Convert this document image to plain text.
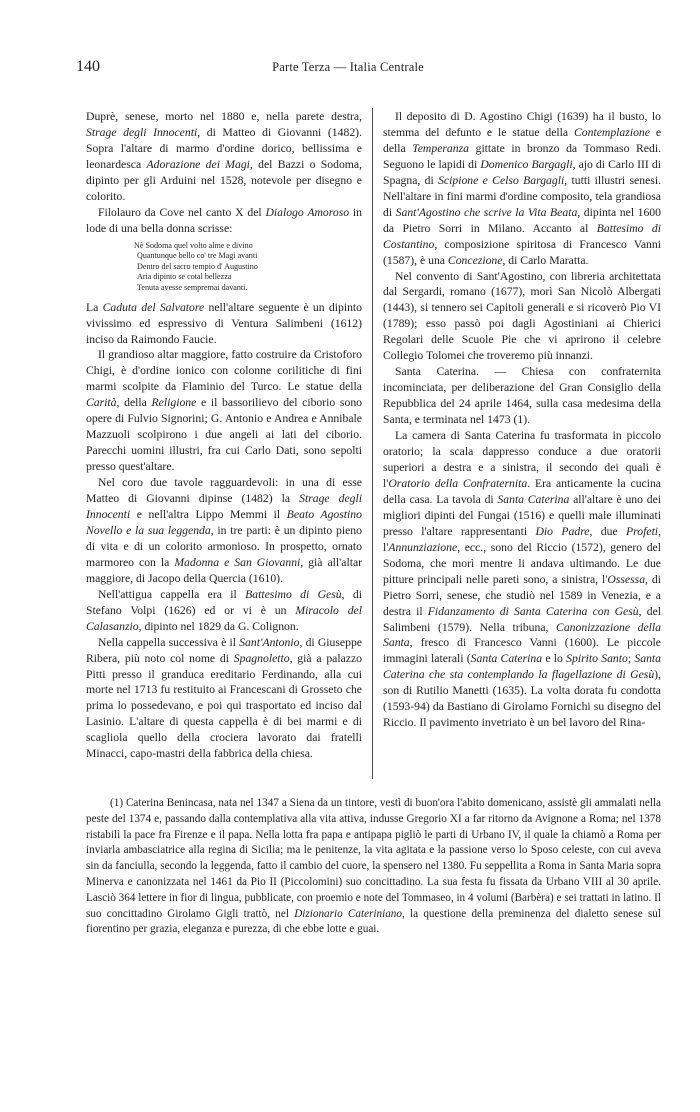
140	Parte Terza — Italia Centrale

Duprè, senese, morto nel 1880 e, nella parete destra, Strage degli Innocenti, di Matteo di Giovanni (1482). Sopra l'altare di marmo d'ordine dorico, bellissima e leonardesca Adorazione dei Magi, del Bazzi o Sodoma, dipinto per gli Arduini nel 1528, notevole per disegno e colorito.

Filolauro da Cove nel canto X del Dialogo Amoroso in lode di una bella donna scrisse:

Nè Sodoma quel volto alme e divino
Quantunque bello co' tre Magi avanti
Dentro del sacro tempio d' Augustino
Aria dipinto se cotal bellezza
Tenuta avesse sempremai davanti.

La Caduta del Salvatore nell'altare seguente è un dipinto vivissimo ed espressivo di Ventura Salimbeni (1612) inciso da Raimondo Faucie.

Il grandioso altar maggiore, fatto costruire da Cristoforo Chigi, è d'ordine ionico con colonne corilitiche di fini marmi scolpite da Flaminio del Turco. Le statue della Carità, della Religione e il bassorilievo del ciborio sono opere di Fulvio Signorini; G. Antonio e Andrea e Annibale Mazzuoli scolpirono i due angeli ai lati del ciborio. Parecchi uomini illustri, fra cui Carlo Dati, sono sepolti presso quest'altare.

Nel coro due tavole ragguardevoli: in una di esse Matteo di Giovanni dipinse (1482) la Strage degli Innocenti e nell'altra Lippo Memmi il Beato Agostino Novello e la sua leggenda, in tre parti: è un dipinto pieno di vita e di un colorito armonioso. In prospetto, ornato marmoreo con la Madonna e San Giovanni, già all'altar maggiore, di Jacopo della Quercia (1610).

Nell'attigua cappella era il Battesimo di Gesù, di Stefano Volpi (1626) ed or vi è un Miracolo del Calasanzio, dipinto nel 1829 da G. Colignon.

Nella cappella successiva è il Sant'Antonio, di Giuseppe Ribera, più noto col nome di Spagnoletto, già a palazzo Pitti presso il granduca ereditario Ferdinando, alla cui morte nel 1713 fu restituito ai Francescani di Grosseto che prima lo possedevano, e poi qui trasportato ed inciso dal Lasinio. L'altare di questa cappella è di bei marmi e di scagliola quello della crociera lavorato dai fratelli Minacci, capo-mastri della fabbrica della chiesa.

Il deposito di D. Agostino Chigi (1639) ha il busto, lo stemma del defunto e le statue della Contemplazione e della Temperanza gittate in bronzo da Tommaso Redi. Seguono le lapidi di Domenico Bargagli, ajo di Carlo III di Spagna, di Scipione e Celso Bargagli, tutti illustri senesi. Nell'altare in fini marmi d'ordine composito, tela grandiosa di Sant'Agostino che scrive la Vita Beata, dipinta nel 1600 da Pietro Sorri in Milano. Accanto al Battesimo di Costantino, composizione spiritosa di Francesco Vanni (1587), è una Concezione, di Carlo Maratta.

Nel convento di Sant'Agostino, con libreria architettata dal Sergardi, romano (1677), morì San Nicolò Albergati (1443), si tennero sei Capitoli generali e si ricoverò Pio VI (1789); esso passò poi dagli Agostiniani ai Chierici Regolari delle Scuole Pie che vi aprirono il celebre Collegio Tolomei che troveremo più innanzi.

Santa Caterina. — Chiesa con confraternita incominciata, per deliberazione del Gran Consiglio della Repubblica del 24 aprile 1464, sulla casa medesima della Santa, e terminata nel 1473 (1).

La camera di Santa Caterina fu trasformata in piccolo oratorio; la scala dappresso conduce a due oratorii superiori a destra e a sinistra, il secondo dei quali è l'Oratorio della Confraternita. Era anticamente la cucina della casa. La tavola di Santa Caterina all'altare è uno dei migliori dipinti del Fungai (1516) e quelli male illuminati presso l'altare rappresentanti Dio Padre, due Profeti, l'Annunziazione, ecc., sono del Riccio (1572), genero del Sodoma, che morì mentre li andava ultimando. Le due pitture principali nelle pareti sono, a sinistra, l'Ossessa, di Pietro Sorri, senese, che studiò nel 1589 in Venezia, e a destra il Fidanzamento di Santa Caterina con Gesù, del Salimbeni (1579). Nella tribuna, Canonizzazione della Santa, fresco di Francesco Vanni (1600). Le piccole immagini laterali (Santa Caterina e lo Spirito Santo; Santa Caterina che sta contemplando la flagellazione di Gesù), son di Rutilio Manetti (1635). La volta dorata fu condotta (1593-94) da Bastiano di Girolamo Fornichi su disegno del Riccio. Il pavimento invetriato è un bel lavoro del Rina-

(1) Caterina Benincasa, nata nel 1347 a Siena da un tintore, vestì di buon'ora l'abito domenicano, assistè gli ammalati nella peste del 1374 e, passando dalla contemplativa alla vita attiva, indusse Gregorio XI a far ritorno da Avignone a Roma; nel 1378 ristabilì la pace fra Firenze e il papa. Nella lotta fra papa e antipapa pigliò le parti di Urbano IV, il quale la chiamò a Roma per inviarla ambasciatrice alla regina di Sicilia; ma le penitenze, la vita agitata e la passione verso lo Sposo celeste, con cui aveva sin da fanciulla, secondo la leggenda, fatto il cambio del cuore, la spensero nel 1380. Fu seppellita a Roma in Santa Maria sopra Minerva e canonizzata nel 1461 da Pio II (Piccolomini) suo concittadino. La sua festa fu fissata da Urbano VIII al 30 aprile. Lasciò 364 lettere in fior di lingua, pubblicate, con proemio e note del Tommaseo, in 4 volumi (Barbèra) e sei trattati in latino. Il suo concittadino Girolamo Gigli trattò, nel Dizionario Cateriniano, la questione della preminenza del dialetto senese sul fiorentino per grazia, eleganza e purezza, di che ebbe lotte e guai.
